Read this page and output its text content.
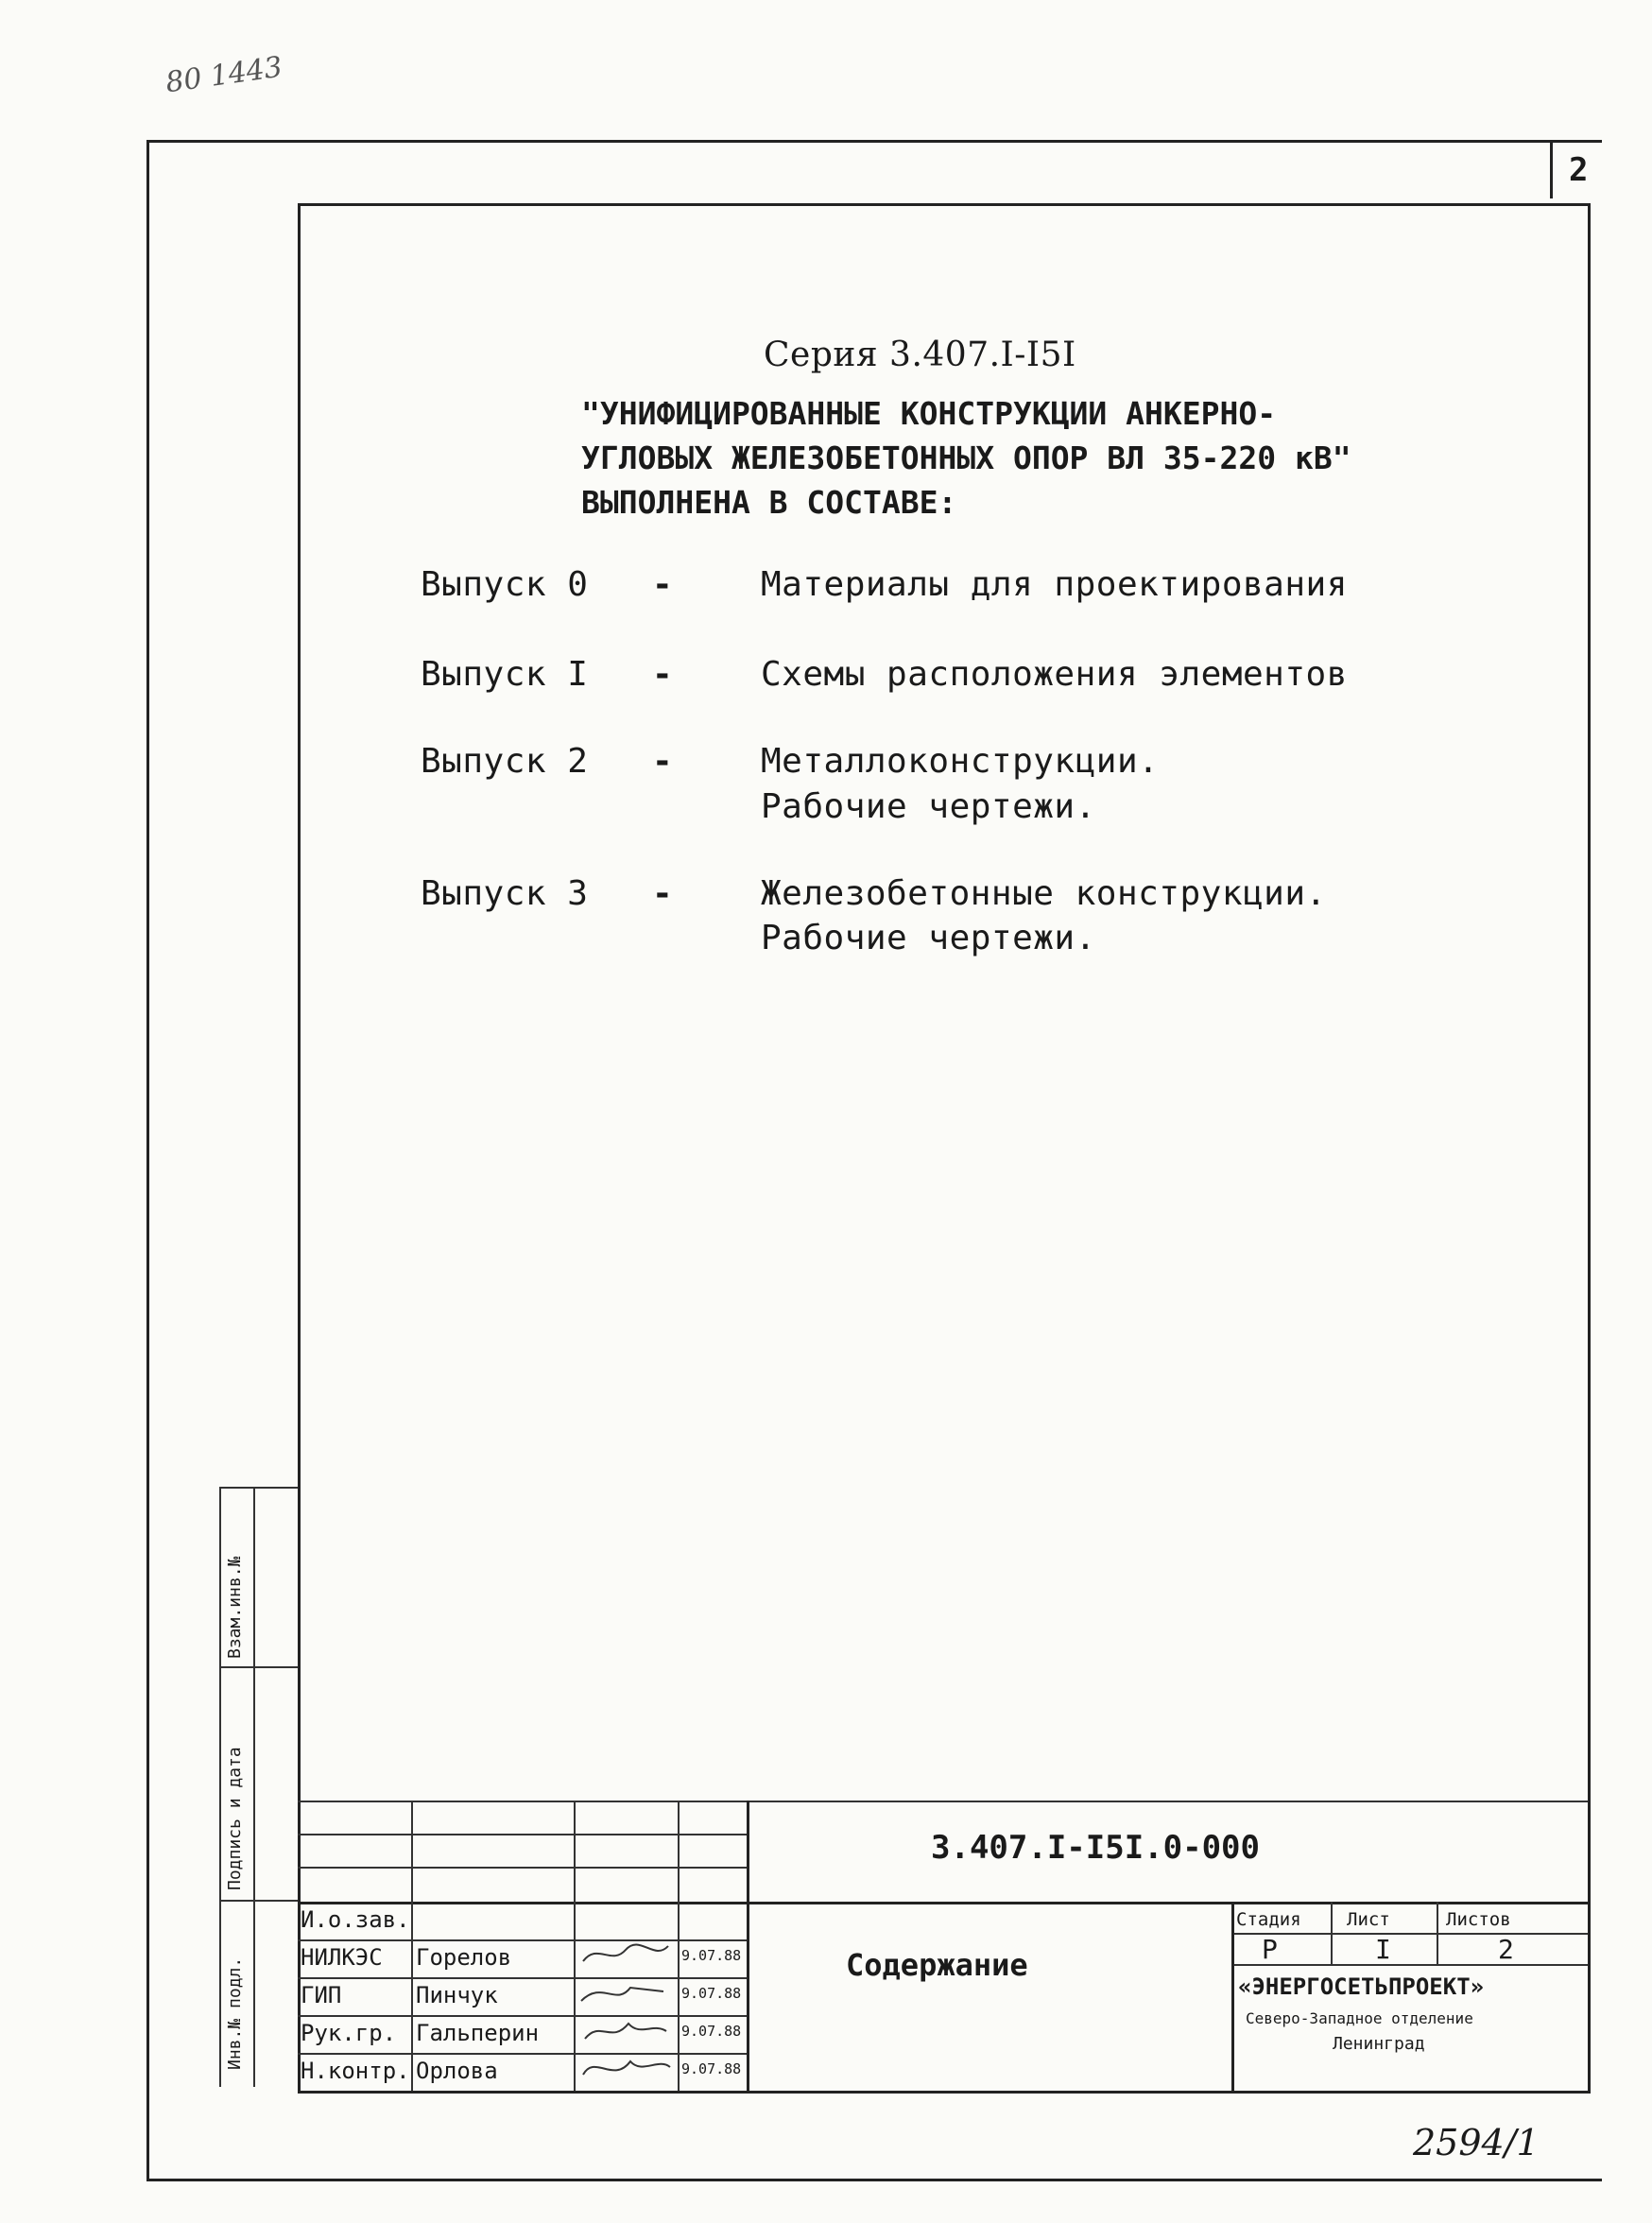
80 1443
2
Серия 3.407.I-I5I
"УНИФИЦИРОВАННЫЕ КОНСТРУКЦИИ АНКЕРНО-
УГЛОВЫХ ЖЕЛЕЗОБЕТОННЫХ ОПОР ВЛ 35-220 кВ"
ВЫПОЛНЕНА В СОСТАВЕ:
Выпуск 0 -	Материалы для проектирования
Выпуск I -	Схемы расположения элементов
Выпуск 2 -	Металлоконструкции.
Рабочие чертежи.
Выпуск 3 -	Железобетонные конструкции.
Рабочие чертежи.
Взам.инв.№
Подпись и дата
Инв.№ подл.
3.407.I-I5I.0-000
Содержание
И.о.зав.
НИЛКЭС Горелов	9.07.88
ГИП	Пинчук	9.07.88
Рук.гр. Гальперин	9.07.88
Н.контр. Орлова	9.07.88
Стадия	Лист	Листов
Р	I	2
«ЭНЕРГОСЕТЬПРОЕКТ»
Северо-Западное отделение
Ленинград
2594/1
